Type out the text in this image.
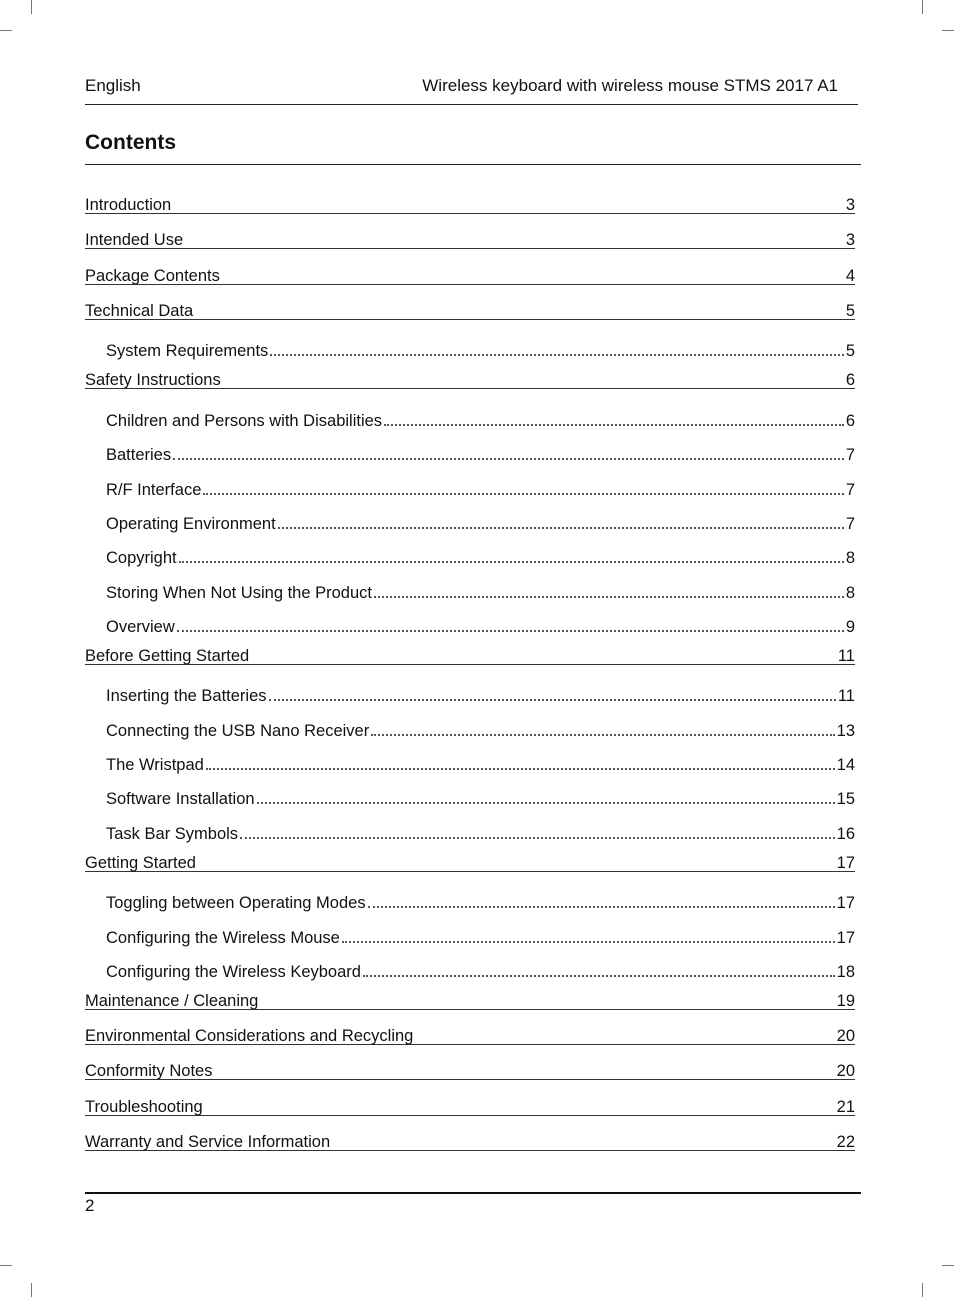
English	Wireless keyboard with wireless mouse STMS 2017 A1
Contents
Introduction	3
Intended Use	3
Package Contents	4
Technical Data	5
System Requirements	5
Safety Instructions	6
Children and Persons with Disabilities	6
Batteries	7
R/F Interface	7
Operating Environment	7
Copyright	8
Storing When Not Using the Product	8
Overview	9
Before Getting Started	11
Inserting the Batteries	11
Connecting the USB Nano Receiver	13
The Wristpad	14
Software Installation	15
Task Bar Symbols	16
Getting Started	17
Toggling between Operating Modes	17
Configuring the Wireless Mouse	17
Configuring the Wireless Keyboard	18
Maintenance / Cleaning	19
Environmental Considerations and Recycling	20
Conformity Notes	20
Troubleshooting	21
Warranty and Service Information	22
2
